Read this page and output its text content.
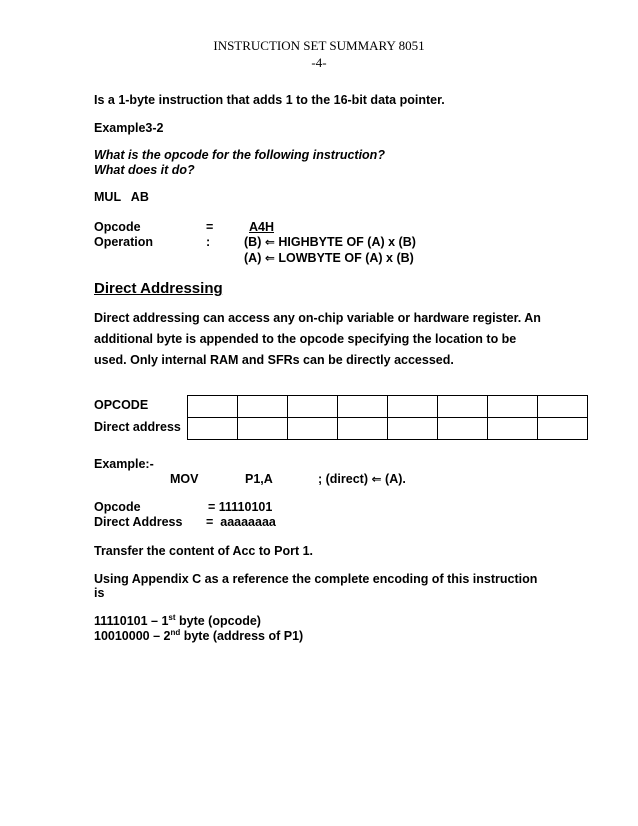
INSTRUCTION SET SUMMARY 8051
-4-
Is a 1-byte instruction that adds 1 to the 16-bit data pointer.
Example3-2
What is the opcode for the following instruction?
What does it do?
MUL   AB
Opcode	=	A4H
Operation	:	(B) ⇐ HIGHBYTE OF (A) x (B)
(A) ⇐ LOWBYTE OF (A) x (B)
Direct Addressing
Direct addressing can access any on-chip variable or hardware register. An
additional byte is appended to the opcode specifying the location to be
used. Only internal RAM and SFRs can be directly accessed.
OPCODE
Direct address

Example:-
MOV	P1,A	; (direct) ⇐ (A).
Opcode	= 11110101
Direct Address =  aaaaaaaa
Transfer the content of Acc to Port 1.
Using Appendix C as a reference the complete encoding of this instruction
is
11110101 – 1st byte (opcode)
10010000 – 2nd byte (address of P1)
